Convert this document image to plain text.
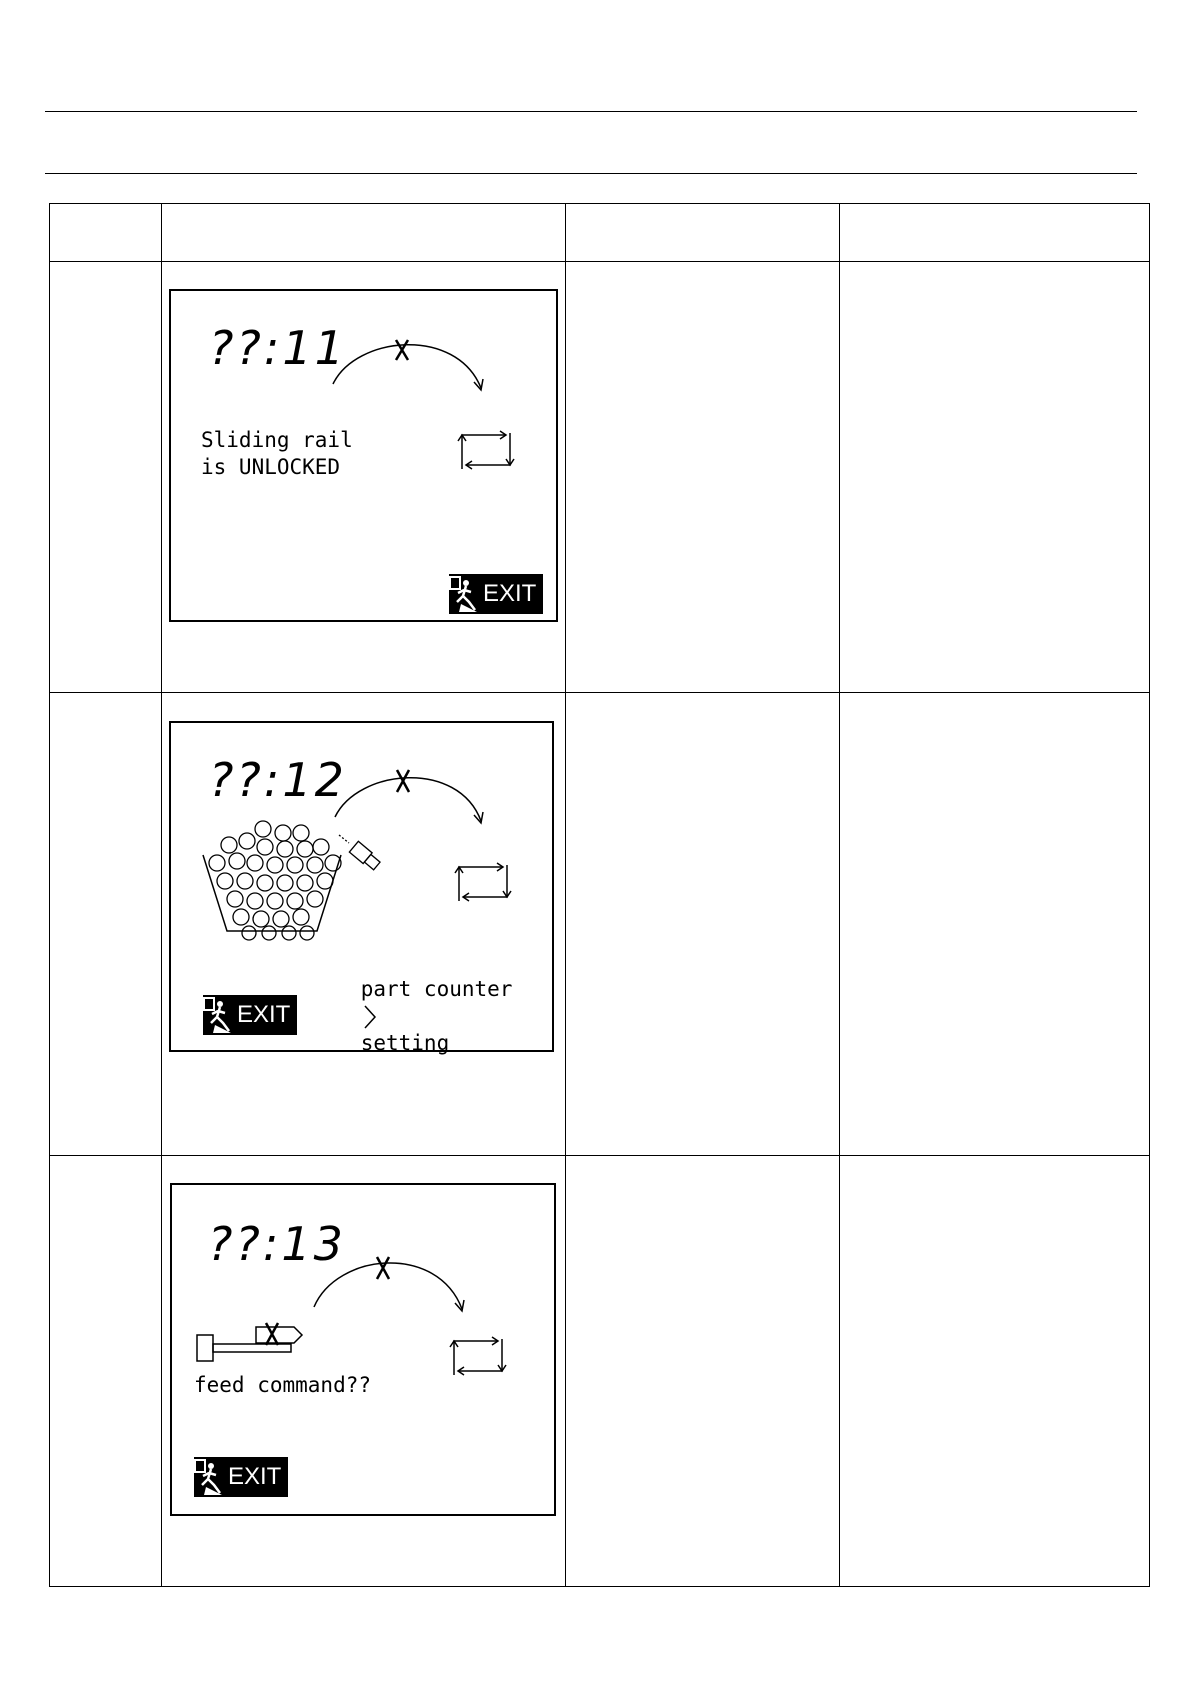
	??:11
Sliding rail
is UNLOCKED
EXIT		

	??:12

part counter

setting

EXIT		

	??:13
feed command??
EXIT		
